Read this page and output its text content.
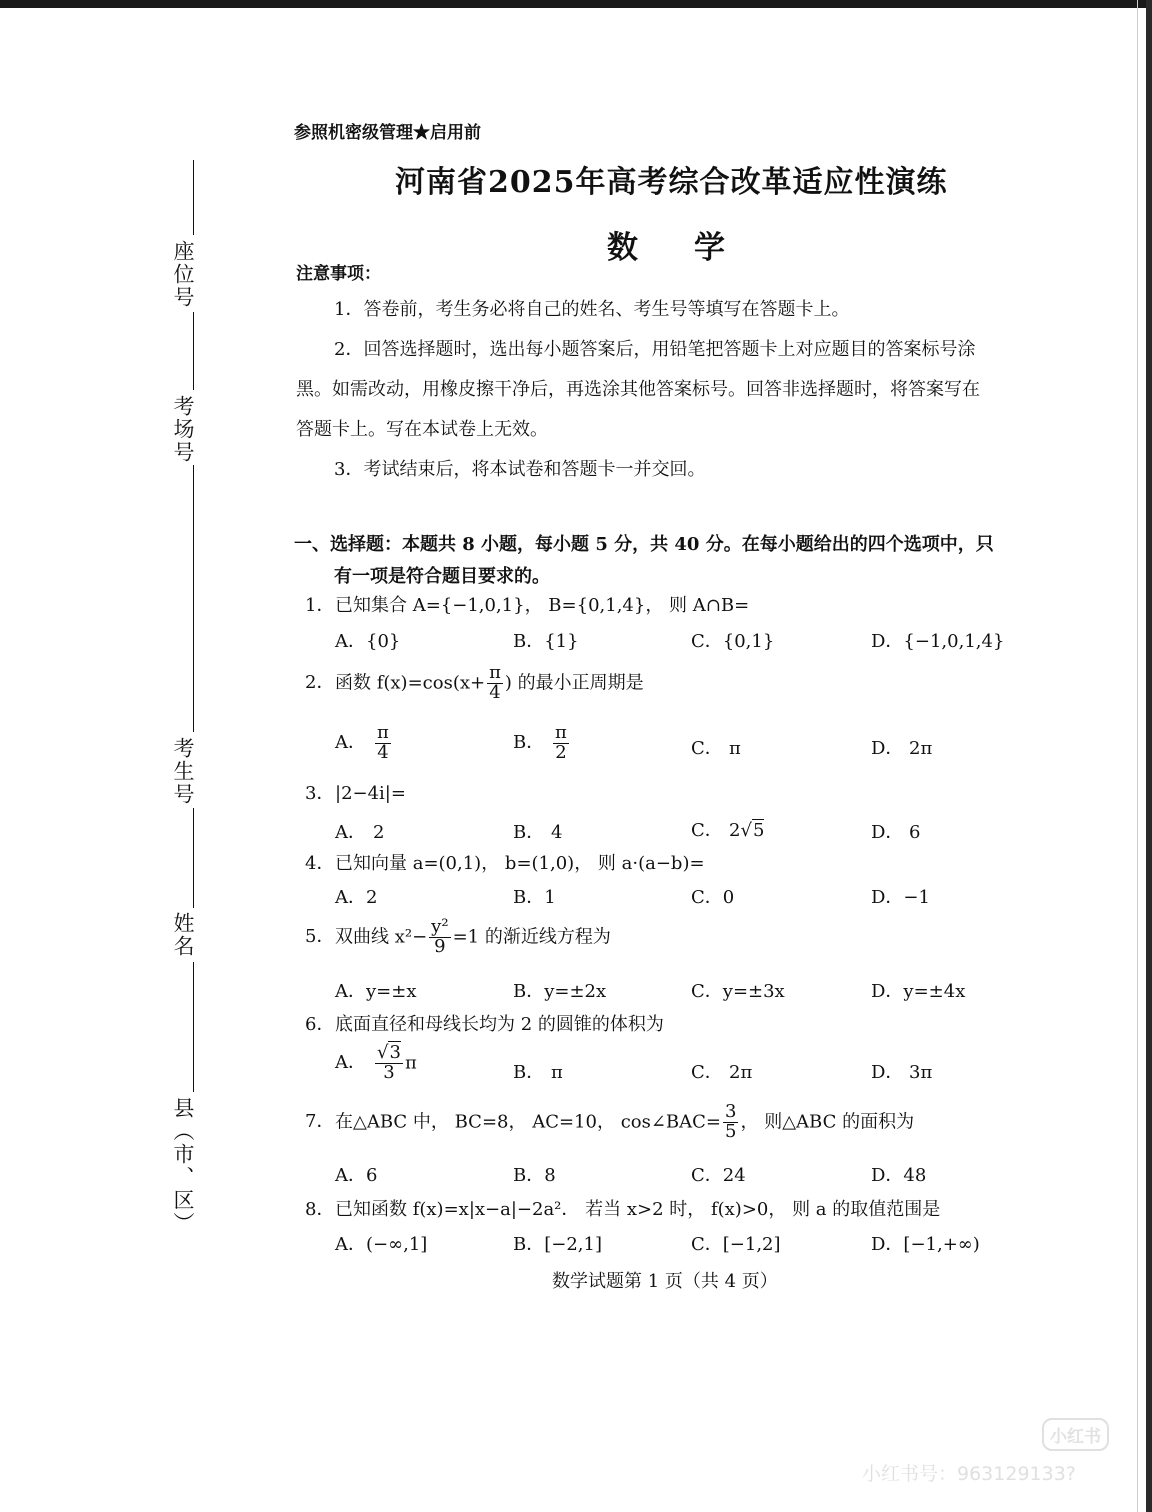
座位号
考场号
考生号
姓名
县（市、区）
参照机密级管理★启用前
河南省2025年高考综合改革适应性演练
数学
注意事项：
1．答卷前，考生务必将自己的姓名、考生号等填写在答题卡上。
2．回答选择题时，选出每小题答案后，用铅笔把答题卡上对应题目的答案标号涂
黑。如需改动，用橡皮擦干净后，再选涂其他答案标号。回答非选择题时，将答案写在
答题卡上。写在本试卷上无效。
3．考试结束后，将本试卷和答题卡一并交回。
一、选择题：本题共 8 小题，每小题 5 分，共 40 分。在每小题给出的四个选项中，只
有一项是符合题目要求的。
1．已知集合 A={−1,0,1}， B={0,1,4}， 则 A∩B=
A．{0}	B．{1}	C．{0,1}	D．{−1,0,1,4}
2．函数 $f(x)=\cos(x+ \frac{\pi}{4}$ ) 的最小正周期是
A． $\frac{\pi}{4}$	B． $\frac{\pi}{2}$	C． π	D． 2π
3．|2−4i|=
A． 2	B． 4	C． 2√5	D． 6
4．已知向量 a=(0,1)， b=(1,0)， 则 a·(a−b)=
A．2	B．1	C．0	D．−1
5．双曲线 $x^2- \frac{\text{y²}}{9} =1$ 的渐近线方程为
A．y=±x	B．y=±2x	C．y=±3x	D．y=±4x
6．底面直径和母线长均为 2 的圆锥的体积为
A． $\frac{√3}{3}$ π	B． π	C． 2π	D． 3π
7．在△ABC 中， BC=8， AC=10， cos∠BAC= $\frac{3}{5}$ ， 则△ABC 的面积为
A．6	B．8	C．24	D．48
8．已知函数 f(x)=x|x−a|−2a²． 若当 x>2 时， f(x)>0， 则 a 的取值范围是
A．(−∞,1]	B．[−2,1]	C．[−1,2]	D．[−1,+∞)
数学试题第 1 页（共 4 页）
小红书
小红书号：963129133?
